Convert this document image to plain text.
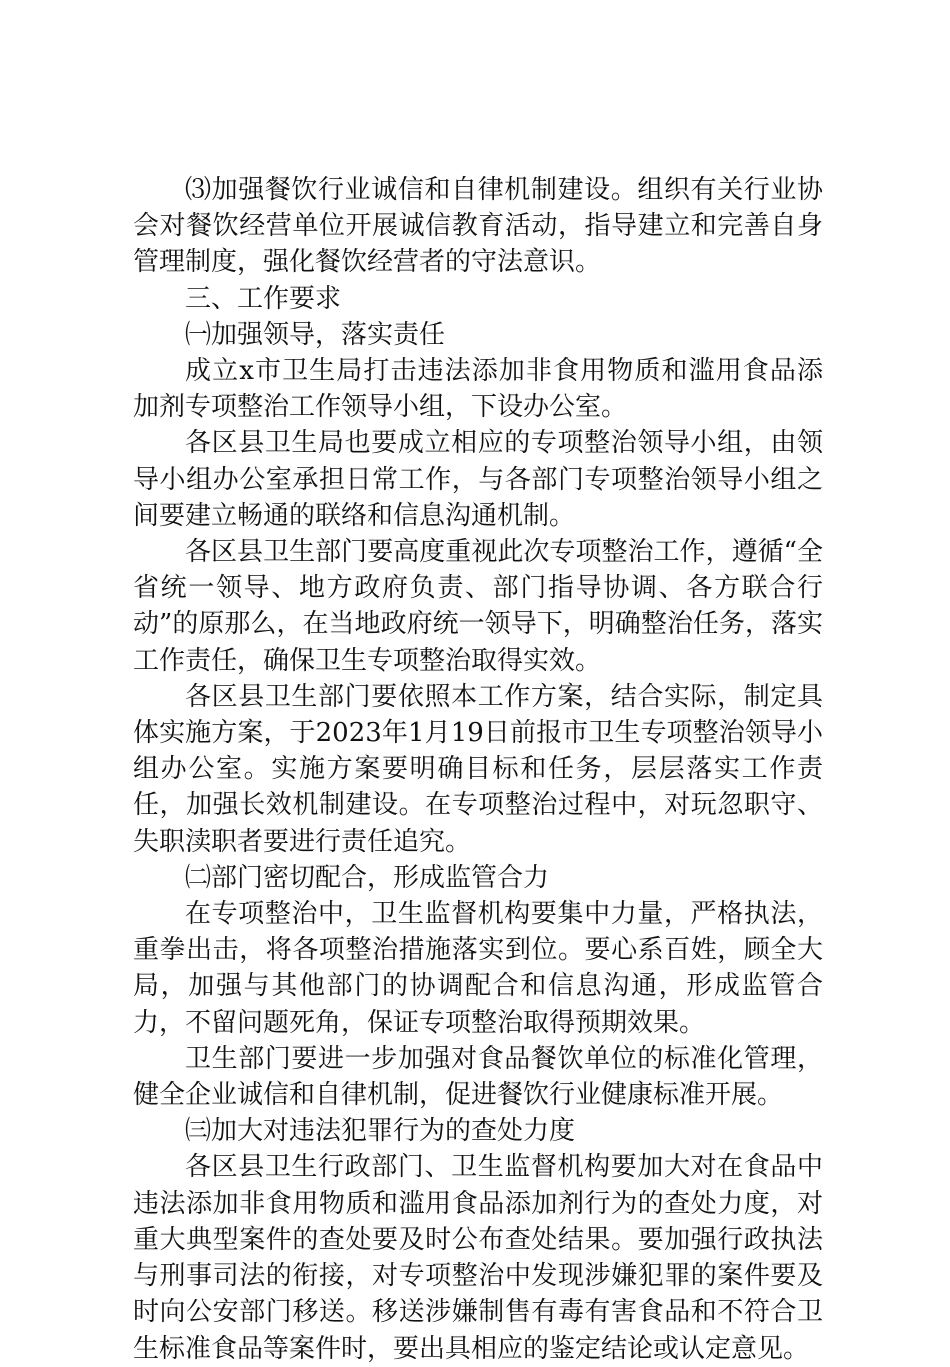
⑶加强餐饮行业诚信和自律机制建设。组织有关行业协会对餐饮经营单位开展诚信教育活动，指导建立和完善自身管理制度，强化餐饮经营者的守法意识。

三、工作要求

㈠加强领导，落实责任

成立x市卫生局打击违法添加非食用物质和滥用食品添加剂专项整治工作领导小组，下设办公室。

各区县卫生局也要成立相应的专项整治领导小组，由领导小组办公室承担日常工作，与各部门专项整治领导小组之间要建立畅通的联络和信息沟通机制。

各区县卫生部门要高度重视此次专项整治工作，遵循“全省统一领导、地方政府负责、部门指导协调、各方联合行动”的原那么，在当地政府统一领导下，明确整治任务，落实工作责任，确保卫生专项整治取得实效。

各区县卫生部门要依照本工作方案，结合实际，制定具体实施方案，于2023年1月19日前报市卫生专项整治领导小组办公室。实施方案要明确目标和任务，层层落实工作责任，加强长效机制建设。在专项整治过程中，对玩忽职守、失职渎职者要进行责任追究。

㈡部门密切配合，形成监管合力

在专项整治中，卫生监督机构要集中力量，严格执法，重拳出击，将各项整治措施落实到位。要心系百姓，顾全大局，加强与其他部门的协调配合和信息沟通，形成监管合力，不留问题死角，保证专项整治取得预期效果。

卫生部门要进一步加强对食品餐饮单位的标准化管理，健全企业诚信和自律机制，促进餐饮行业健康标准开展。

㈢加大对违法犯罪行为的查处力度

各区县卫生行政部门、卫生监督机构要加大对在食品中违法添加非食用物质和滥用食品添加剂行为的查处力度，对重大典型案件的查处要及时公布查处结果。要加强行政执法与刑事司法的衔接，对专项整治中发现涉嫌犯罪的案件要及时向公安部门移送。移送涉嫌制售有毒有害食品和不符合卫生标准食品等案件时，要出具相应的鉴定结论或认定意见。
